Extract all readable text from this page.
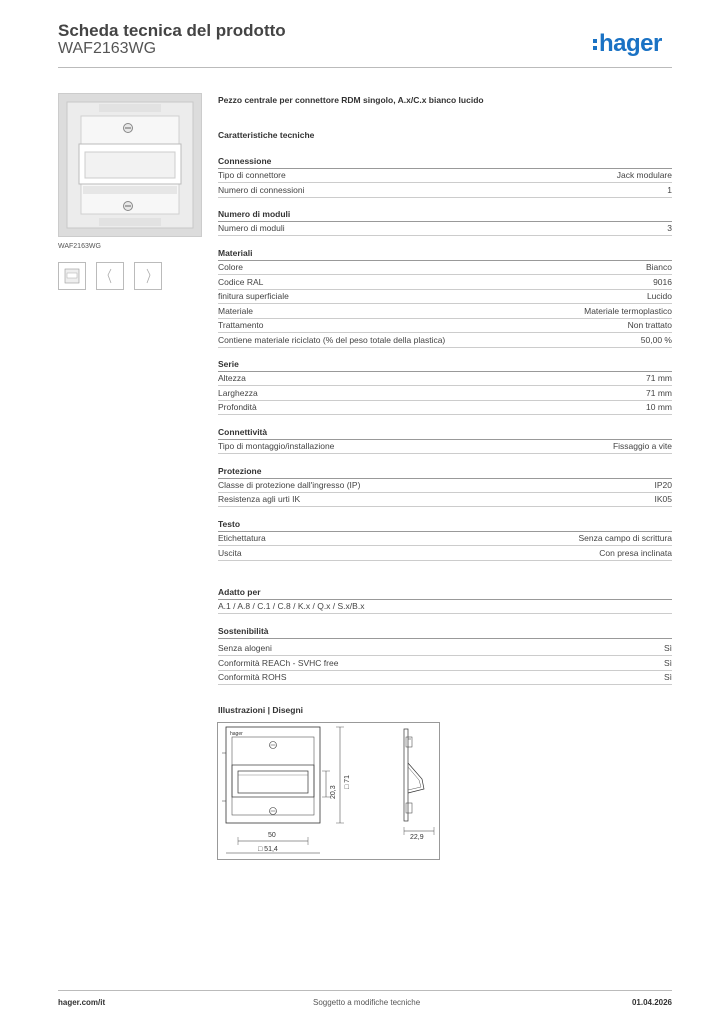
Scheda tecnica del prodotto
WAF2163WG	hager
WAF2163WG
Pezzo centrale per connettore RDM singolo, A.x/C.x bianco lucido
Caratteristiche tecniche
Connessione
Tipo di connettore	Jack modulare
Numero di connessioni	1
Numero di moduli
Numero di moduli	3
Materiali
Colore	Bianco
Codice RAL	9016
finitura superficiale	Lucido
Materiale	Materiale termoplastico
Trattamento	Non trattato
Contiene materiale riciclato (% del peso totale della plastica)	50,00 %
Serie
Altezza	71 mm
Larghezza	71 mm
Profondità	10 mm
Connettività
Tipo di montaggio/installazione	Fissaggio a vite
Protezione
Classe di protezione dall'ingresso (IP)	IP20
Resistenza agli urti IK	IK05
Testo
Etichettatura	Senza campo di scrittura
Uscita	Con presa inclinata
Adatto per
A.1 / A.8 / C.1 / C.8 / K.x / Q.x / S.x/B.x
Sostenibilità
Senza alogeni	Sì
Conformità REACh - SVHC free	Sì
Conformità ROHS	Sì
Illustrazioni | Disegni
hager
20,3
□ 71
50
□ 51,4
22,9
hager.com/it	Soggetto a modifiche tecniche	01.04.2026
